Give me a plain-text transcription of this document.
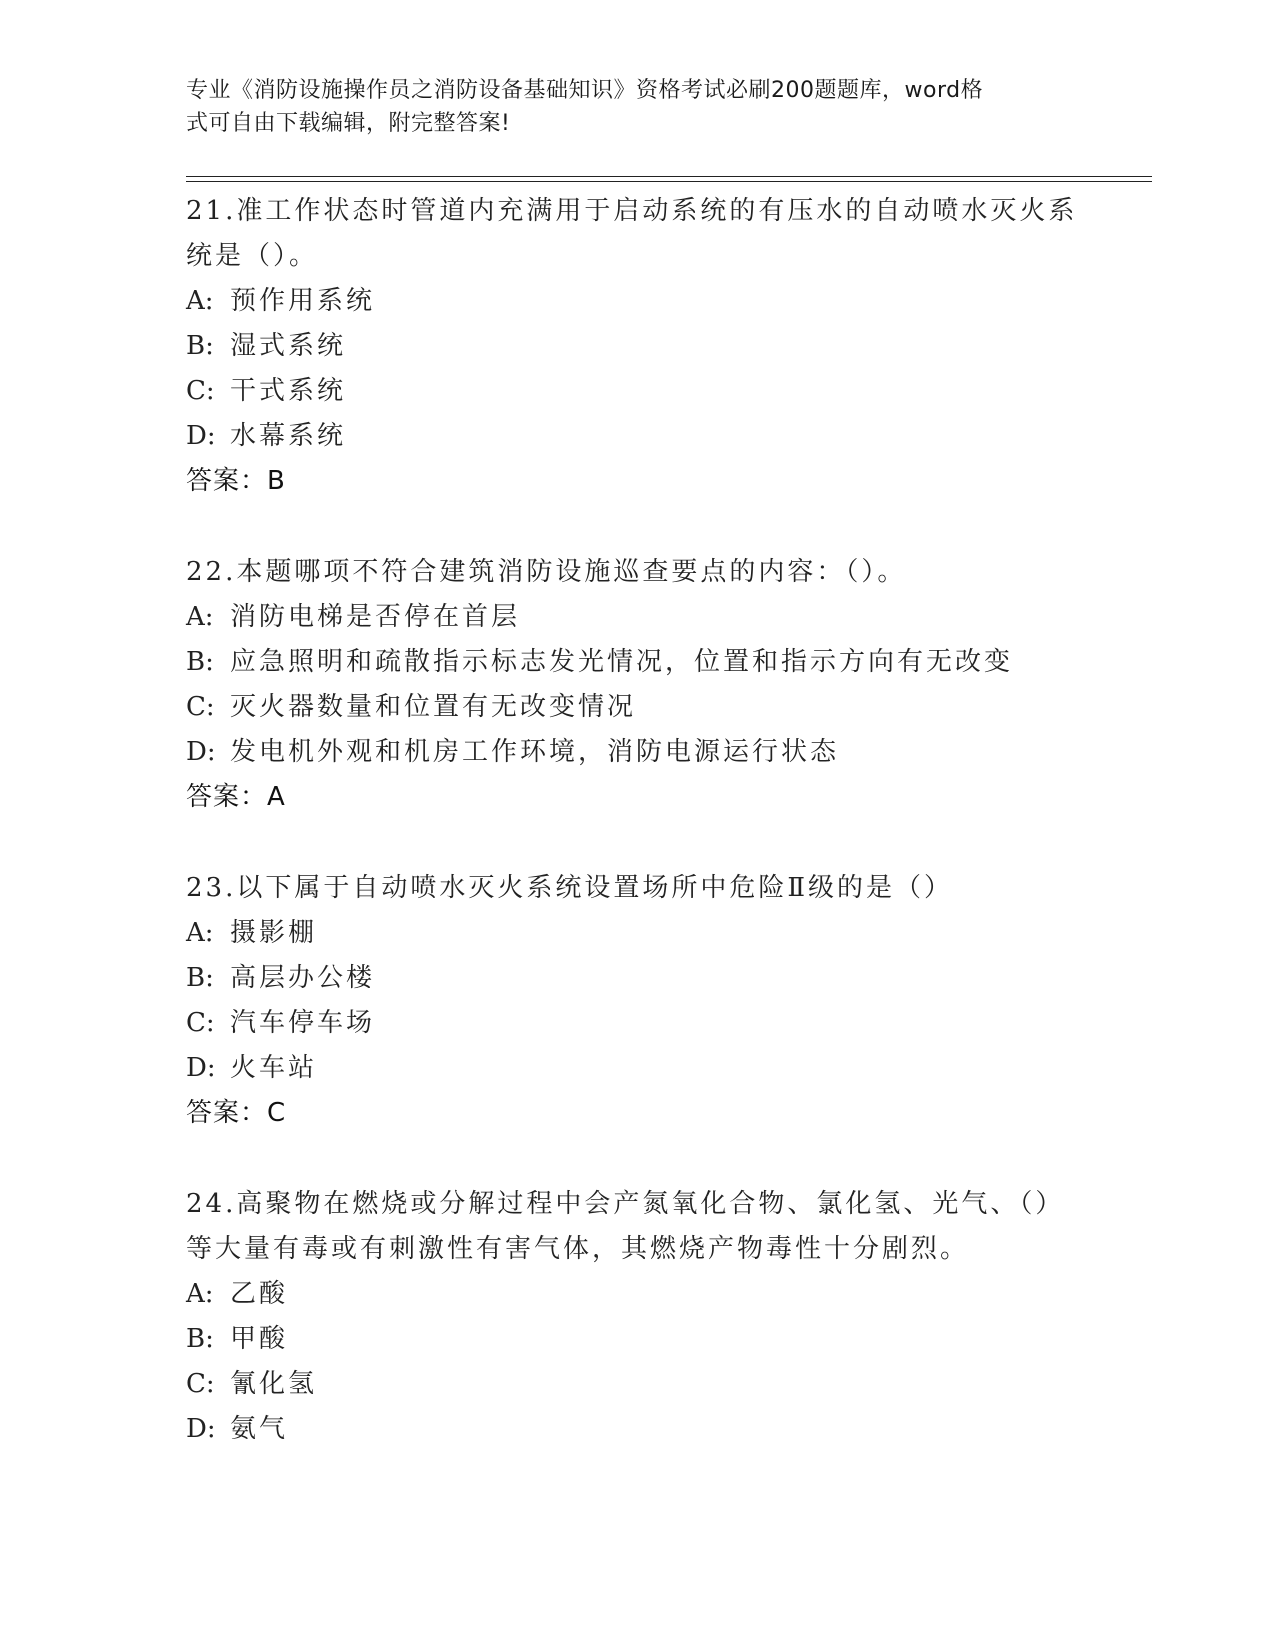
专业《消防设施操作员之消防设备基础知识》资格考试必刷200题题库，word格
式可自由下载编辑，附完整答案!
21.准工作状态时管道内充满用于启动系统的有压水的自动喷水灭火系
统是（）。
A: 预作用系统
B: 湿式系统
C: 干式系统
D: 水幕系统
答案：B
22.本题哪项不符合建筑消防设施巡查要点的内容：（）。
A: 消防电梯是否停在首层
B: 应急照明和疏散指示标志发光情况，位置和指示方向有无改变
C: 灭火器数量和位置有无改变情况
D: 发电机外观和机房工作环境，消防电源运行状态
答案：A
23.以下属于自动喷水灭火系统设置场所中危险Ⅱ级的是（）
A: 摄影棚
B: 高层办公楼
C: 汽车停车场
D: 火车站
答案：C
24.高聚物在燃烧或分解过程中会产氮氧化合物、氯化氢、光气、（）
等大量有毒或有刺激性有害气体，其燃烧产物毒性十分剧烈。
A: 乙酸
B: 甲酸
C: 氰化氢
D: 氨气
